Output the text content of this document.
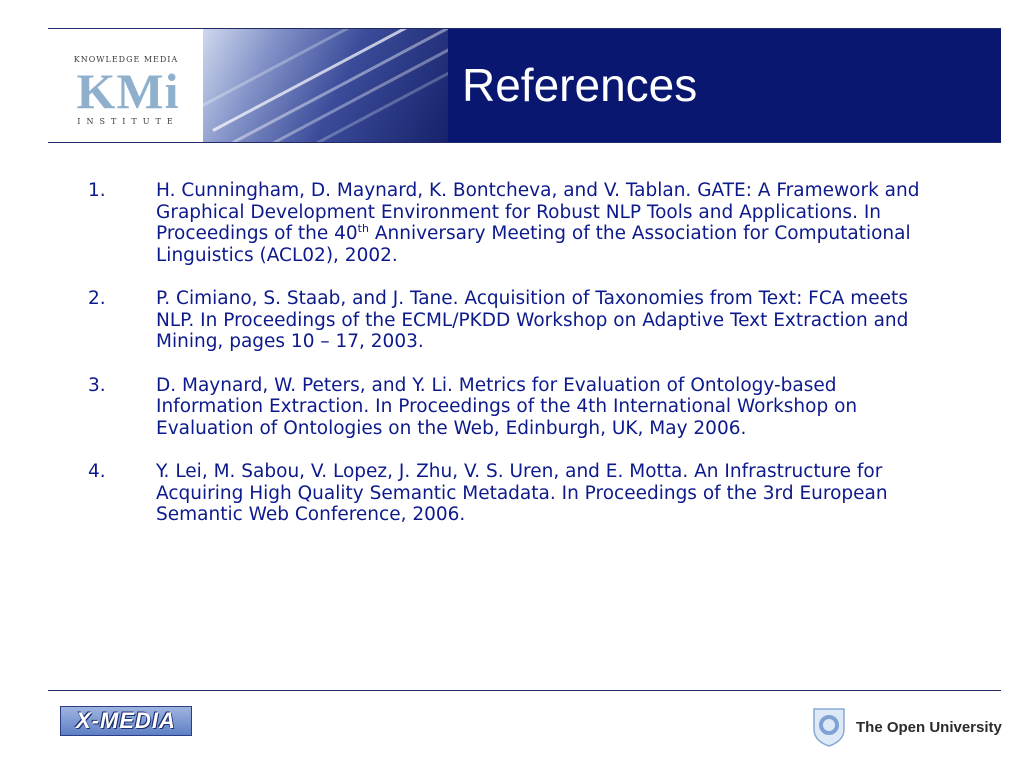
KNOWLEDGE MEDIA
KMi
INSTITUTE
References
1.	H. Cunningham, D. Maynard, K. Bontcheva, and V. Tablan. GATE: A Framework and Graphical Development Environment for Robust NLP Tools and Applications. In Proceedings of the 40th Anniversary Meeting of the Association for Computational Linguistics (ACL02), 2002.
2.	P. Cimiano, S. Staab, and J. Tane. Acquisition of Taxonomies from Text: FCA meets NLP. In Proceedings of the ECML/PKDD Workshop on Adaptive Text Extraction and Mining, pages 10 – 17, 2003.
3.	D. Maynard, W. Peters, and Y. Li. Metrics for Evaluation of Ontology-based Information Extraction. In Proceedings of the 4th International Workshop on Evaluation of Ontologies on the Web, Edinburgh, UK, May 2006.
4.	Y. Lei, M. Sabou, V. Lopez, J. Zhu, V. S. Uren, and E. Motta. An Infrastructure for Acquiring High Quality Semantic Metadata. In Proceedings of the 3rd European Semantic Web Conference, 2006.
X-MEDIA	The Open University
